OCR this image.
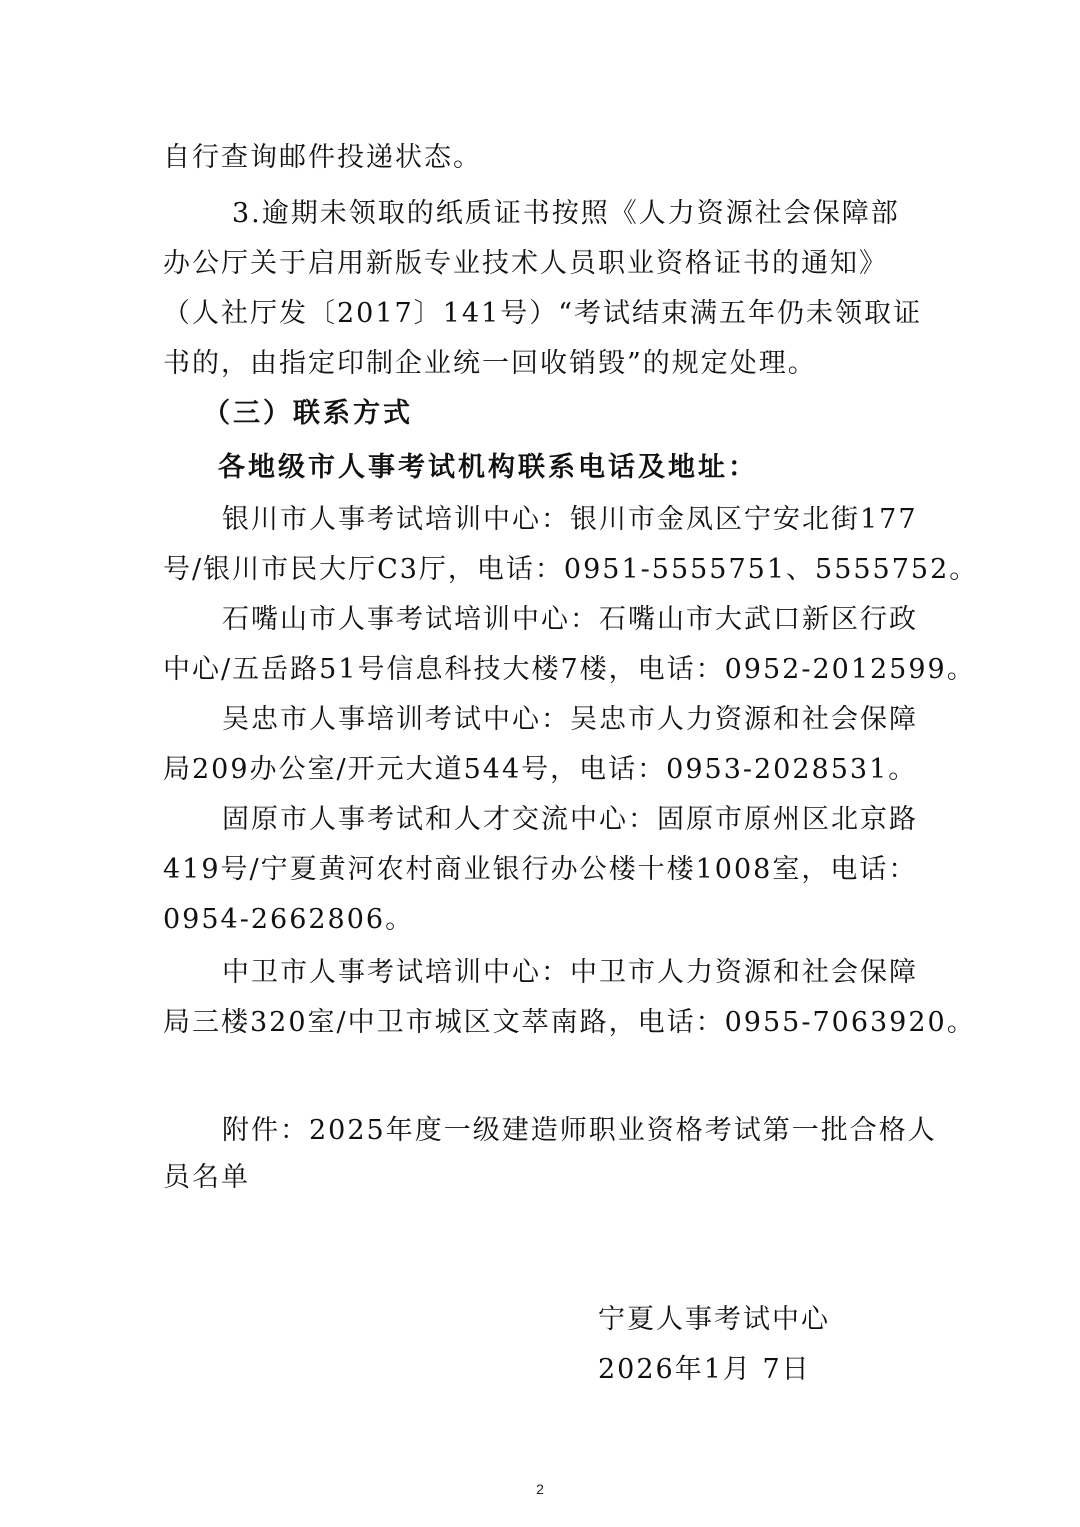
自行查询邮件投递状态。
3.逾期未领取的纸质证书按照《人力资源社会保障部
办公厅关于启用新版专业技术人员职业资格证书的通知》
（人社厅发〔2017〕141号）“考试结束满五年仍未领取证
书的，由指定印制企业统一回收销毁”的规定处理。
（三）联系方式
各地级市人事考试机构联系电话及地址：
银川市人事考试培训中心：银川市金凤区宁安北街177
号/银川市民大厅C3厅，电话：0951-5555751、5555752。
石嘴山市人事考试培训中心：石嘴山市大武口新区行政
中心/五岳路51号信息科技大楼7楼，电话：0952-2012599。
吴忠市人事培训考试中心：吴忠市人力资源和社会保障
局209办公室/开元大道544号，电话：0953-2028531。
固原市人事考试和人才交流中心：固原市原州区北京路
419号/宁夏黄河农村商业银行办公楼十楼1008室，电话：
0954-2662806。
中卫市人事考试培训中心：中卫市人力资源和社会保障
局三楼320室/中卫市城区文萃南路，电话：0955-7063920。
附件：2025年度一级建造师职业资格考试第一批合格人
员名单
宁夏人事考试中心
2026年1月 7日
2
